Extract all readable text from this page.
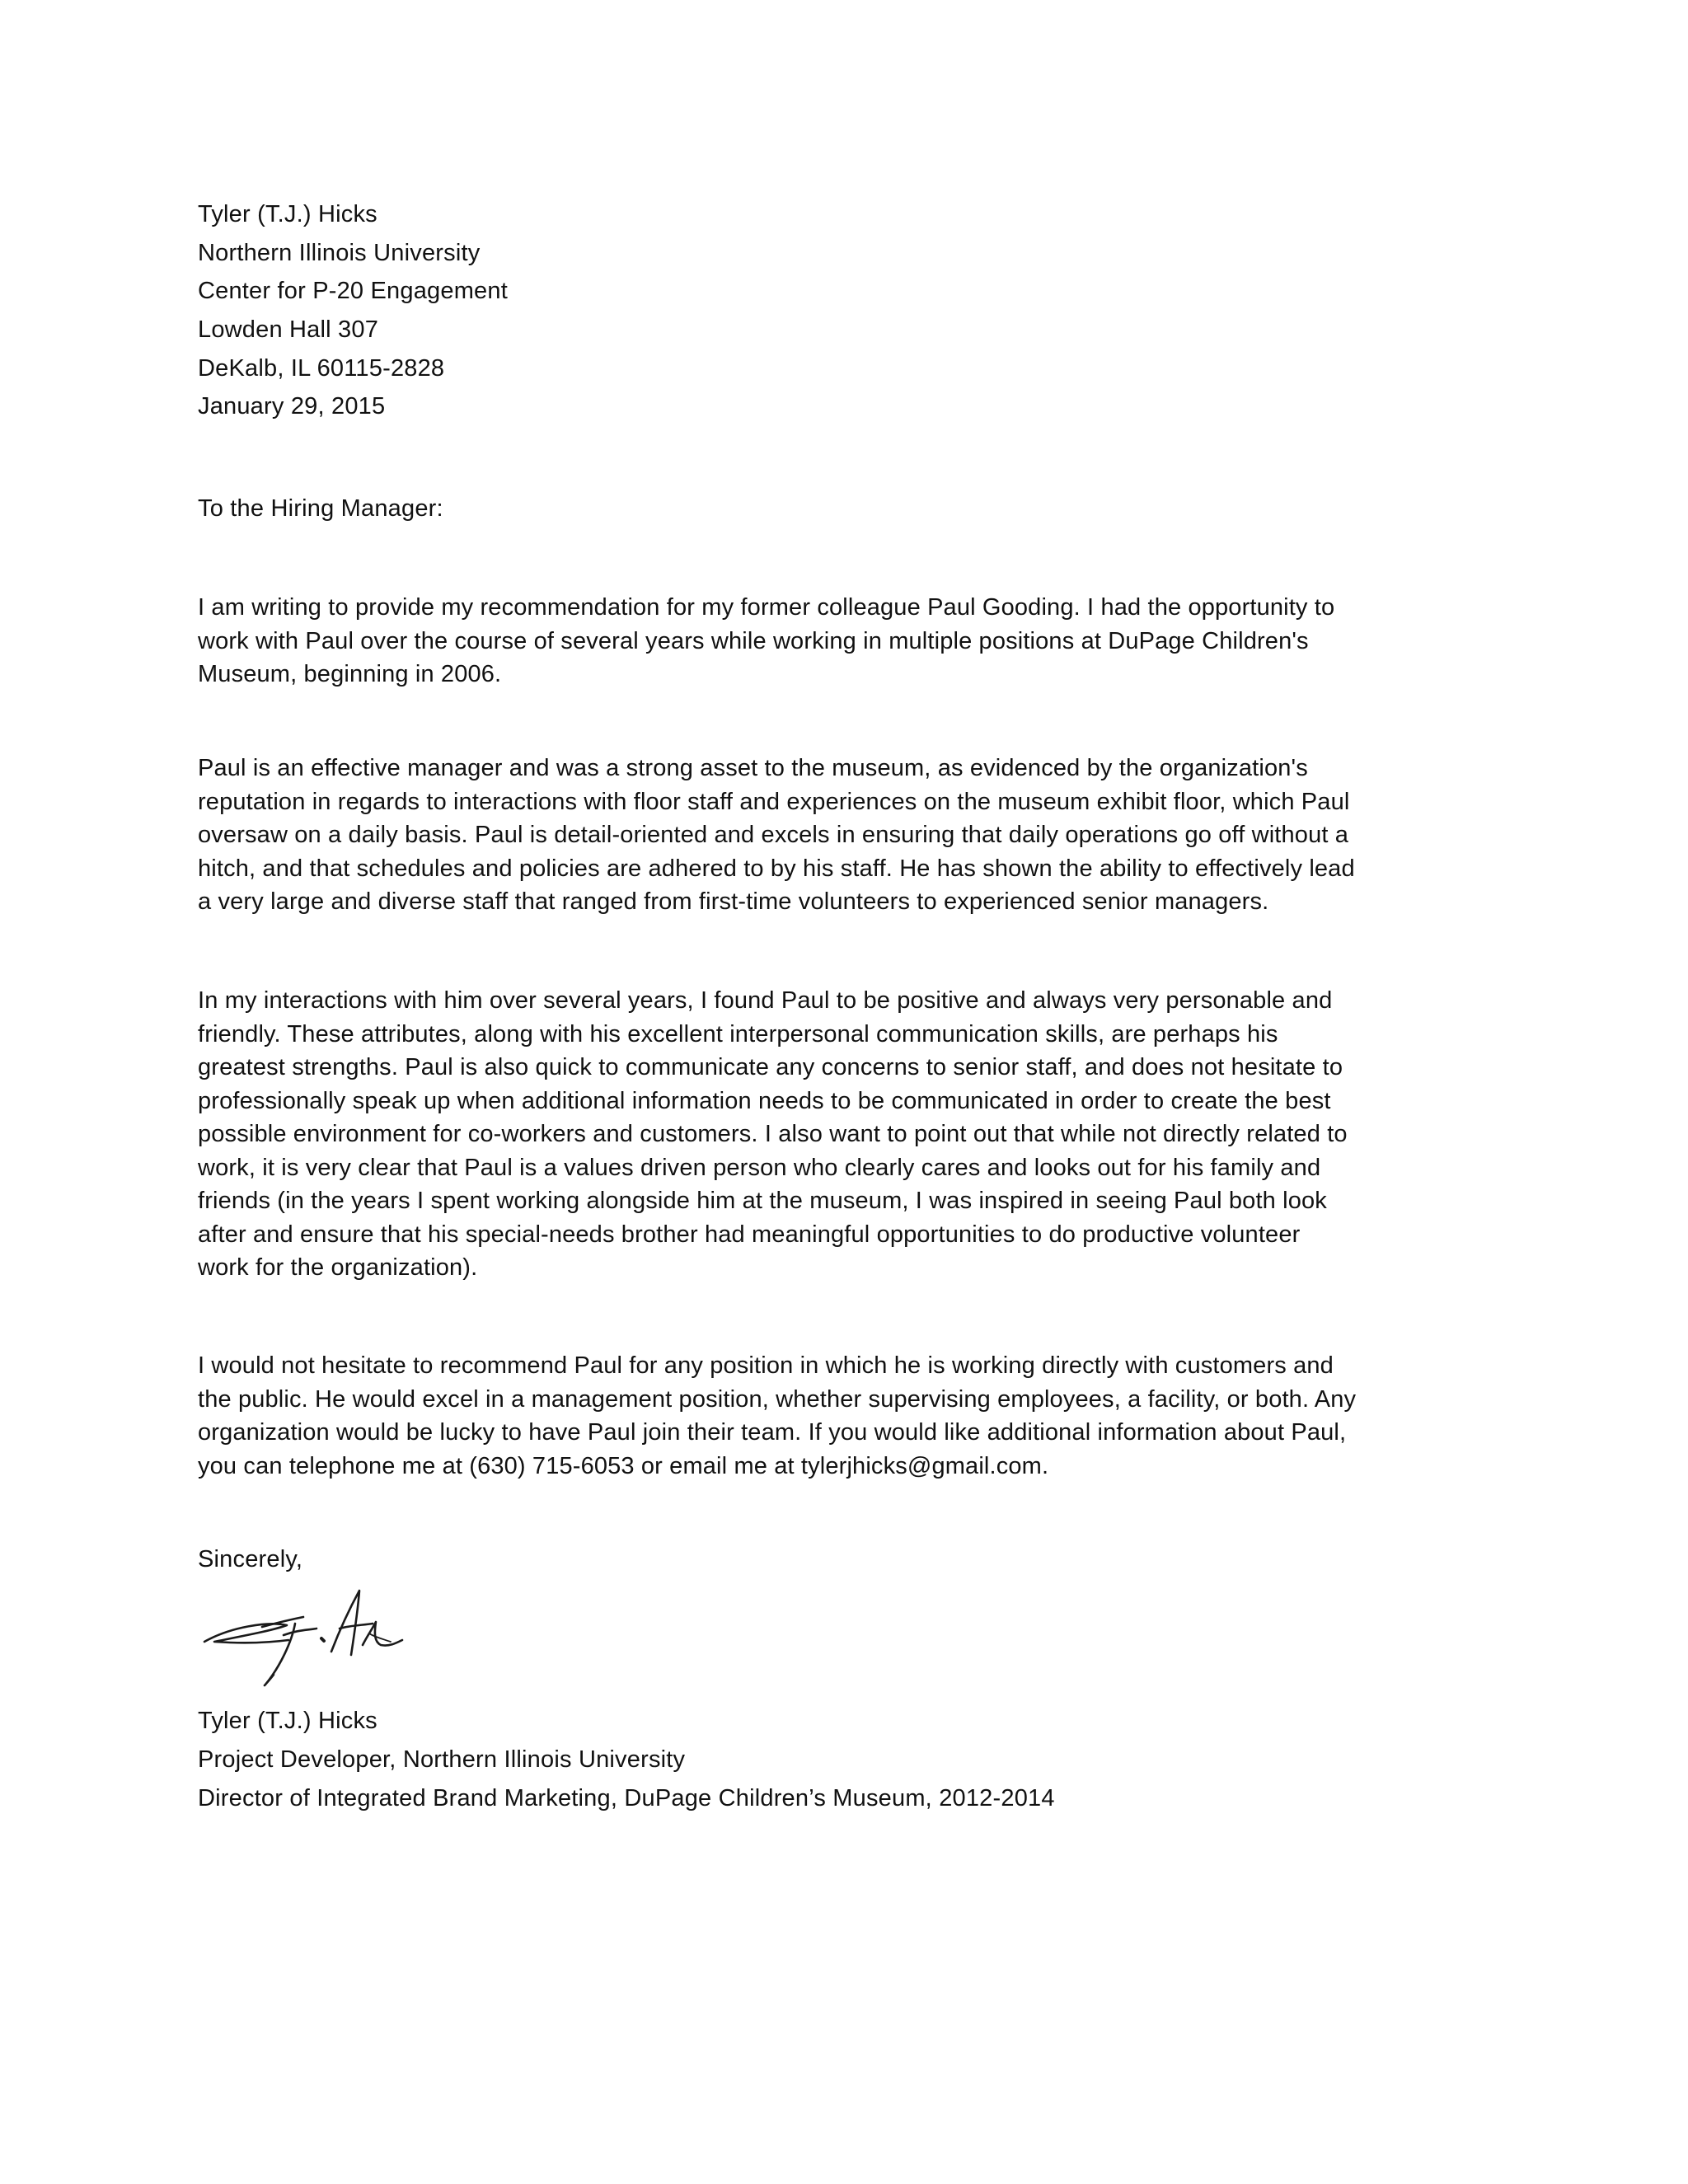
Tyler (T.J.) Hicks
Northern Illinois University
Center for P-20 Engagement
Lowden Hall 307
DeKalb, IL 60115-2828
January 29, 2015
To the Hiring Manager:
I am writing to provide my recommendation for my former colleague Paul Gooding. I had the opportunity to
work with Paul over the course of several years while working in multiple positions at DuPage Children's
Museum, beginning in 2006.
Paul is an effective manager and was a strong asset to the museum, as evidenced by the organization's
reputation in regards to interactions with floor staff and experiences on the museum exhibit floor, which Paul
oversaw on a daily basis. Paul is detail-oriented and excels in ensuring that daily operations go off without a
hitch, and that schedules and policies are adhered to by his staff. He has shown the ability to effectively lead
a very large and diverse staff that ranged from first-time volunteers to experienced senior managers.
In my interactions with him over several years, I found Paul to be positive and always very personable and
friendly. These attributes, along with his excellent interpersonal communication skills, are perhaps his
greatest strengths. Paul is also quick to communicate any concerns to senior staff, and does not hesitate to
professionally speak up when additional information needs to be communicated in order to create the best
possible environment for co-workers and customers. I also want to point out that while not directly related to
work, it is very clear that Paul is a values driven person who clearly cares and looks out for his family and
friends (in the years I spent working alongside him at the museum, I was inspired in seeing Paul both look
after and ensure that his special-needs brother had meaningful opportunities to do productive volunteer
work for the organization).
I would not hesitate to recommend Paul for any position in which he is working directly with customers and
the public. He would excel in a management position, whether supervising employees, a facility, or both. Any
organization would be lucky to have Paul join their team. If you would like additional information about Paul,
you can telephone me at (630) 715-6053 or email me at tylerjhicks@gmail.com.
Sincerely,
Tyler (T.J.) Hicks
Project Developer, Northern Illinois University
Director of Integrated Brand Marketing, DuPage Children’s Museum, 2012-2014
